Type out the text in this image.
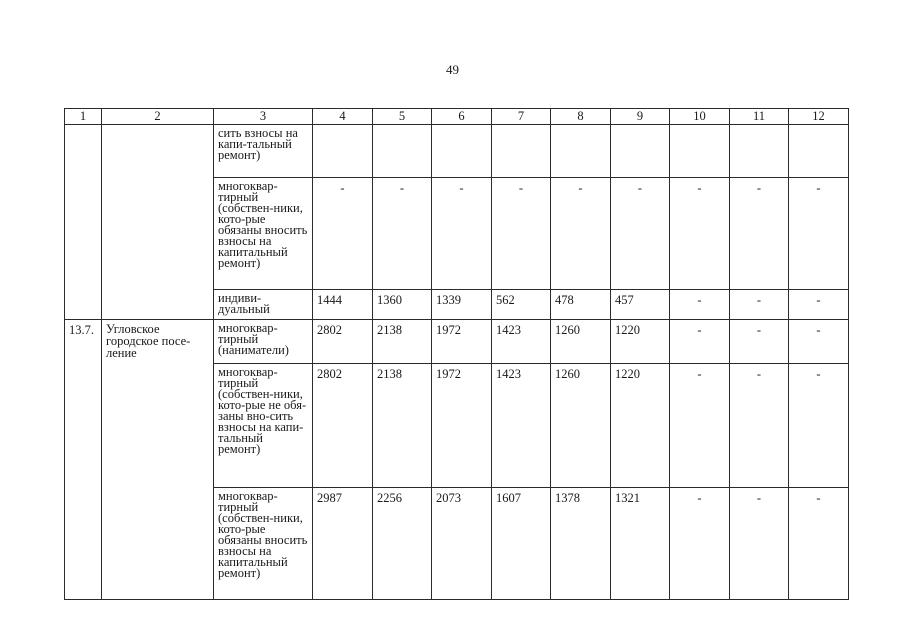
49
1	2	3	4	5	6	7	8	9	10	11	12
		сить взносы на капи-тальный ремонт)									
		многоквар-тирный (собствен-ники, кото-рые обязаны вносить взносы на капитальный ремонт)	-	-	-	-	-	-	-	-	-
		индиви-дуальный	1444	1360	1339	562	478	457	-	-	-
13.7.	Угловское городское посе-ление	многоквар-тирный (наниматели)	2802	2138	1972	1423	1260	1220	-	-	-
		многоквар-тирный (собствен-ники, кото-рые не обя-заны вно-сить взносы на капи-тальный ремонт)	2802	2138	1972	1423	1260	1220	-	-	-
		многоквар-тирный (собствен-ники, кото-рые обязаны вносить взносы на капитальный ремонт)	2987	2256	2073	1607	1378	1321	-	-	-
